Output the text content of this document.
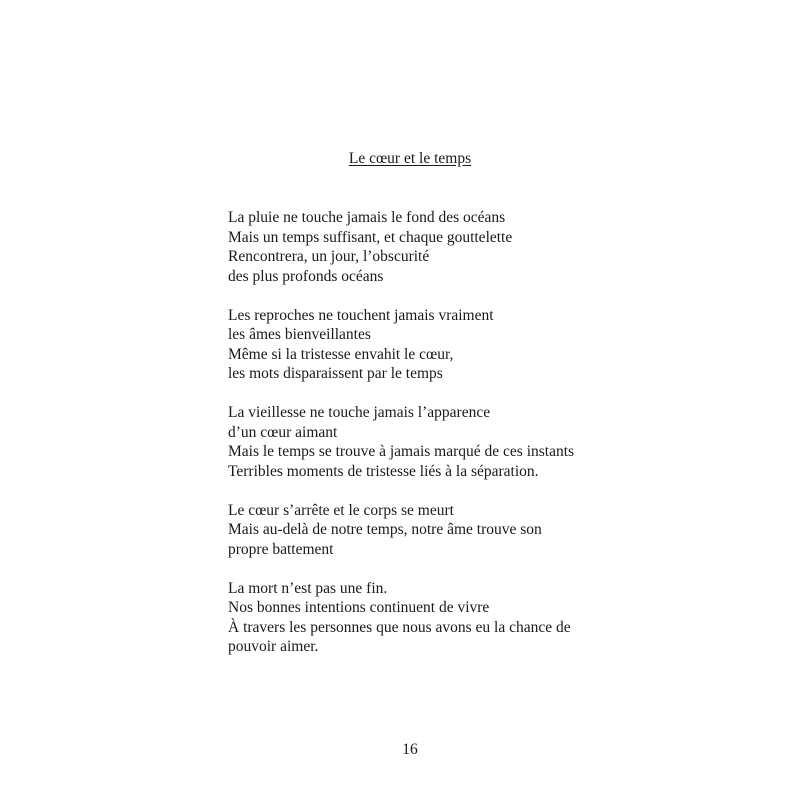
Le cœur et le temps
La pluie ne touche jamais le fond des océans
Mais un temps suffisant, et chaque gouttelette
Rencontrera, un jour, l’obscurité
des plus profonds océans
Les reproches ne touchent jamais vraiment
les âmes bienveillantes
Même si la tristesse envahit le cœur,
les mots disparaissent par le temps
La vieillesse ne touche jamais l’apparence
d’un cœur aimant
Mais le temps se trouve à jamais marqué de ces instants
Terribles moments de tristesse liés à la séparation.
Le cœur s’arrête et le corps se meurt
Mais au-delà de notre temps, notre âme trouve son
propre battement
La mort n’est pas une fin.
Nos bonnes intentions continuent de vivre
À travers les personnes que nous avons eu la chance de
pouvoir aimer.
16
